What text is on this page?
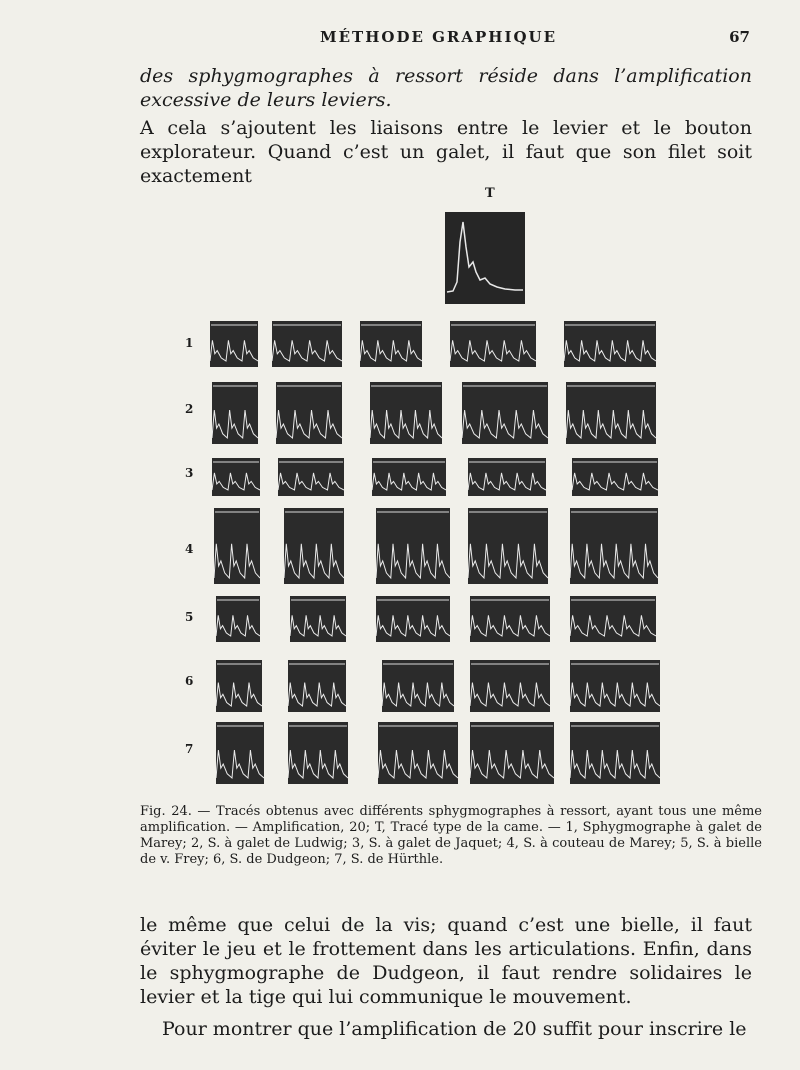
MÉTHODE GRAPHIQUE	67
des sphygmographes à ressort réside dans l’amplification excessive de leurs leviers.
A cela s’ajoutent les liaisons entre le levier et le bouton explorateur. Quand c’est un galet, il faut que son filet soit exactement
T
1
2
3
4
5
6
7
Fig. 24. — Tracés obtenus avec différents sphygmographes à ressort, ayant tous une même amplification. — Amplification, 20; T, Tracé type de la came. — 1, Sphygmographe à galet de Marey; 2, S. à galet de Ludwig; 3, S. à galet de Jaquet; 4, S. à couteau de Marey; 5, S. à bielle de v. Frey; 6, S. de Dudgeon; 7, S. de Hürthle.
le même que celui de la vis; quand c’est une bielle, il faut éviter le jeu et le frottement dans les articulations. Enfin, dans le sphygmographe de Dudgeon, il faut rendre solidaires le levier et la tige qui lui communique le mouvement.
Pour montrer que l’amplification de 20 suffit pour inscrire le
